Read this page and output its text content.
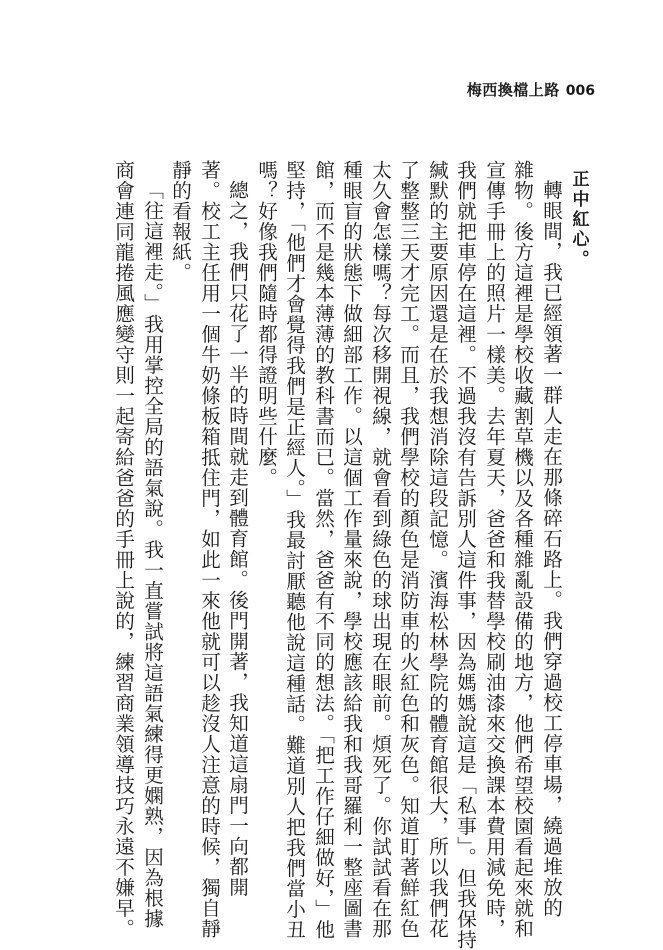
梅西換檔上路 006
正中紅心。
轉眼間，我已經領著一群人走在那條碎石路上。我們穿過校工停車場，繞過堆放的
雜物。後方這裡是學校收藏割草機以及各種雜亂設備的地方，他們希望校園看起來就和
宣傳手冊上的照片一樣美。去年夏天，爸爸和我替學校刷油漆來交換課本費用減免時，
我們就把車停在這裡。不過我沒有告訴別人這件事，因為媽媽說這是「私事」。但我保持
緘默的主要原因還是在於我想消除這段記憶。濱海松林學院的體育館很大，所以我們花
了整整三天才完工。而且，我們學校的顏色是消防車的火紅色和灰色。知道盯著鮮紅色
太久會怎樣嗎？每次移開視線，就會看到綠色的球出現在眼前。煩死了。你試試看在那
種眼盲的狀態下做細部工作。以這個工作量來說，學校應該給我和我哥羅利一整座圖書
館，而不是幾本薄薄的教科書而已。當然，爸爸有不同的想法。「把工作仔細做好，」他
堅持，「他們才會覺得我們是正經人。」我最討厭聽他說這種話。難道別人把我們當小丑
嗎？好像我們隨時都得證明些什麼。
總之，我們只花了一半的時間就走到體育館。後門開著，我知道這扇門一向都開
著。校工主任用一個牛奶條板箱抵住門，如此一來他就可以趁沒人注意的時候，獨自靜
靜的看報紙。
「往這裡走。」我用掌控全局的語氣說。我一直嘗試將這語氣練得更嫻熟，因為根據
商會連同龍捲風應變守則一起寄給爸爸的手冊上說的，練習商業領導技巧永遠不嫌早。
